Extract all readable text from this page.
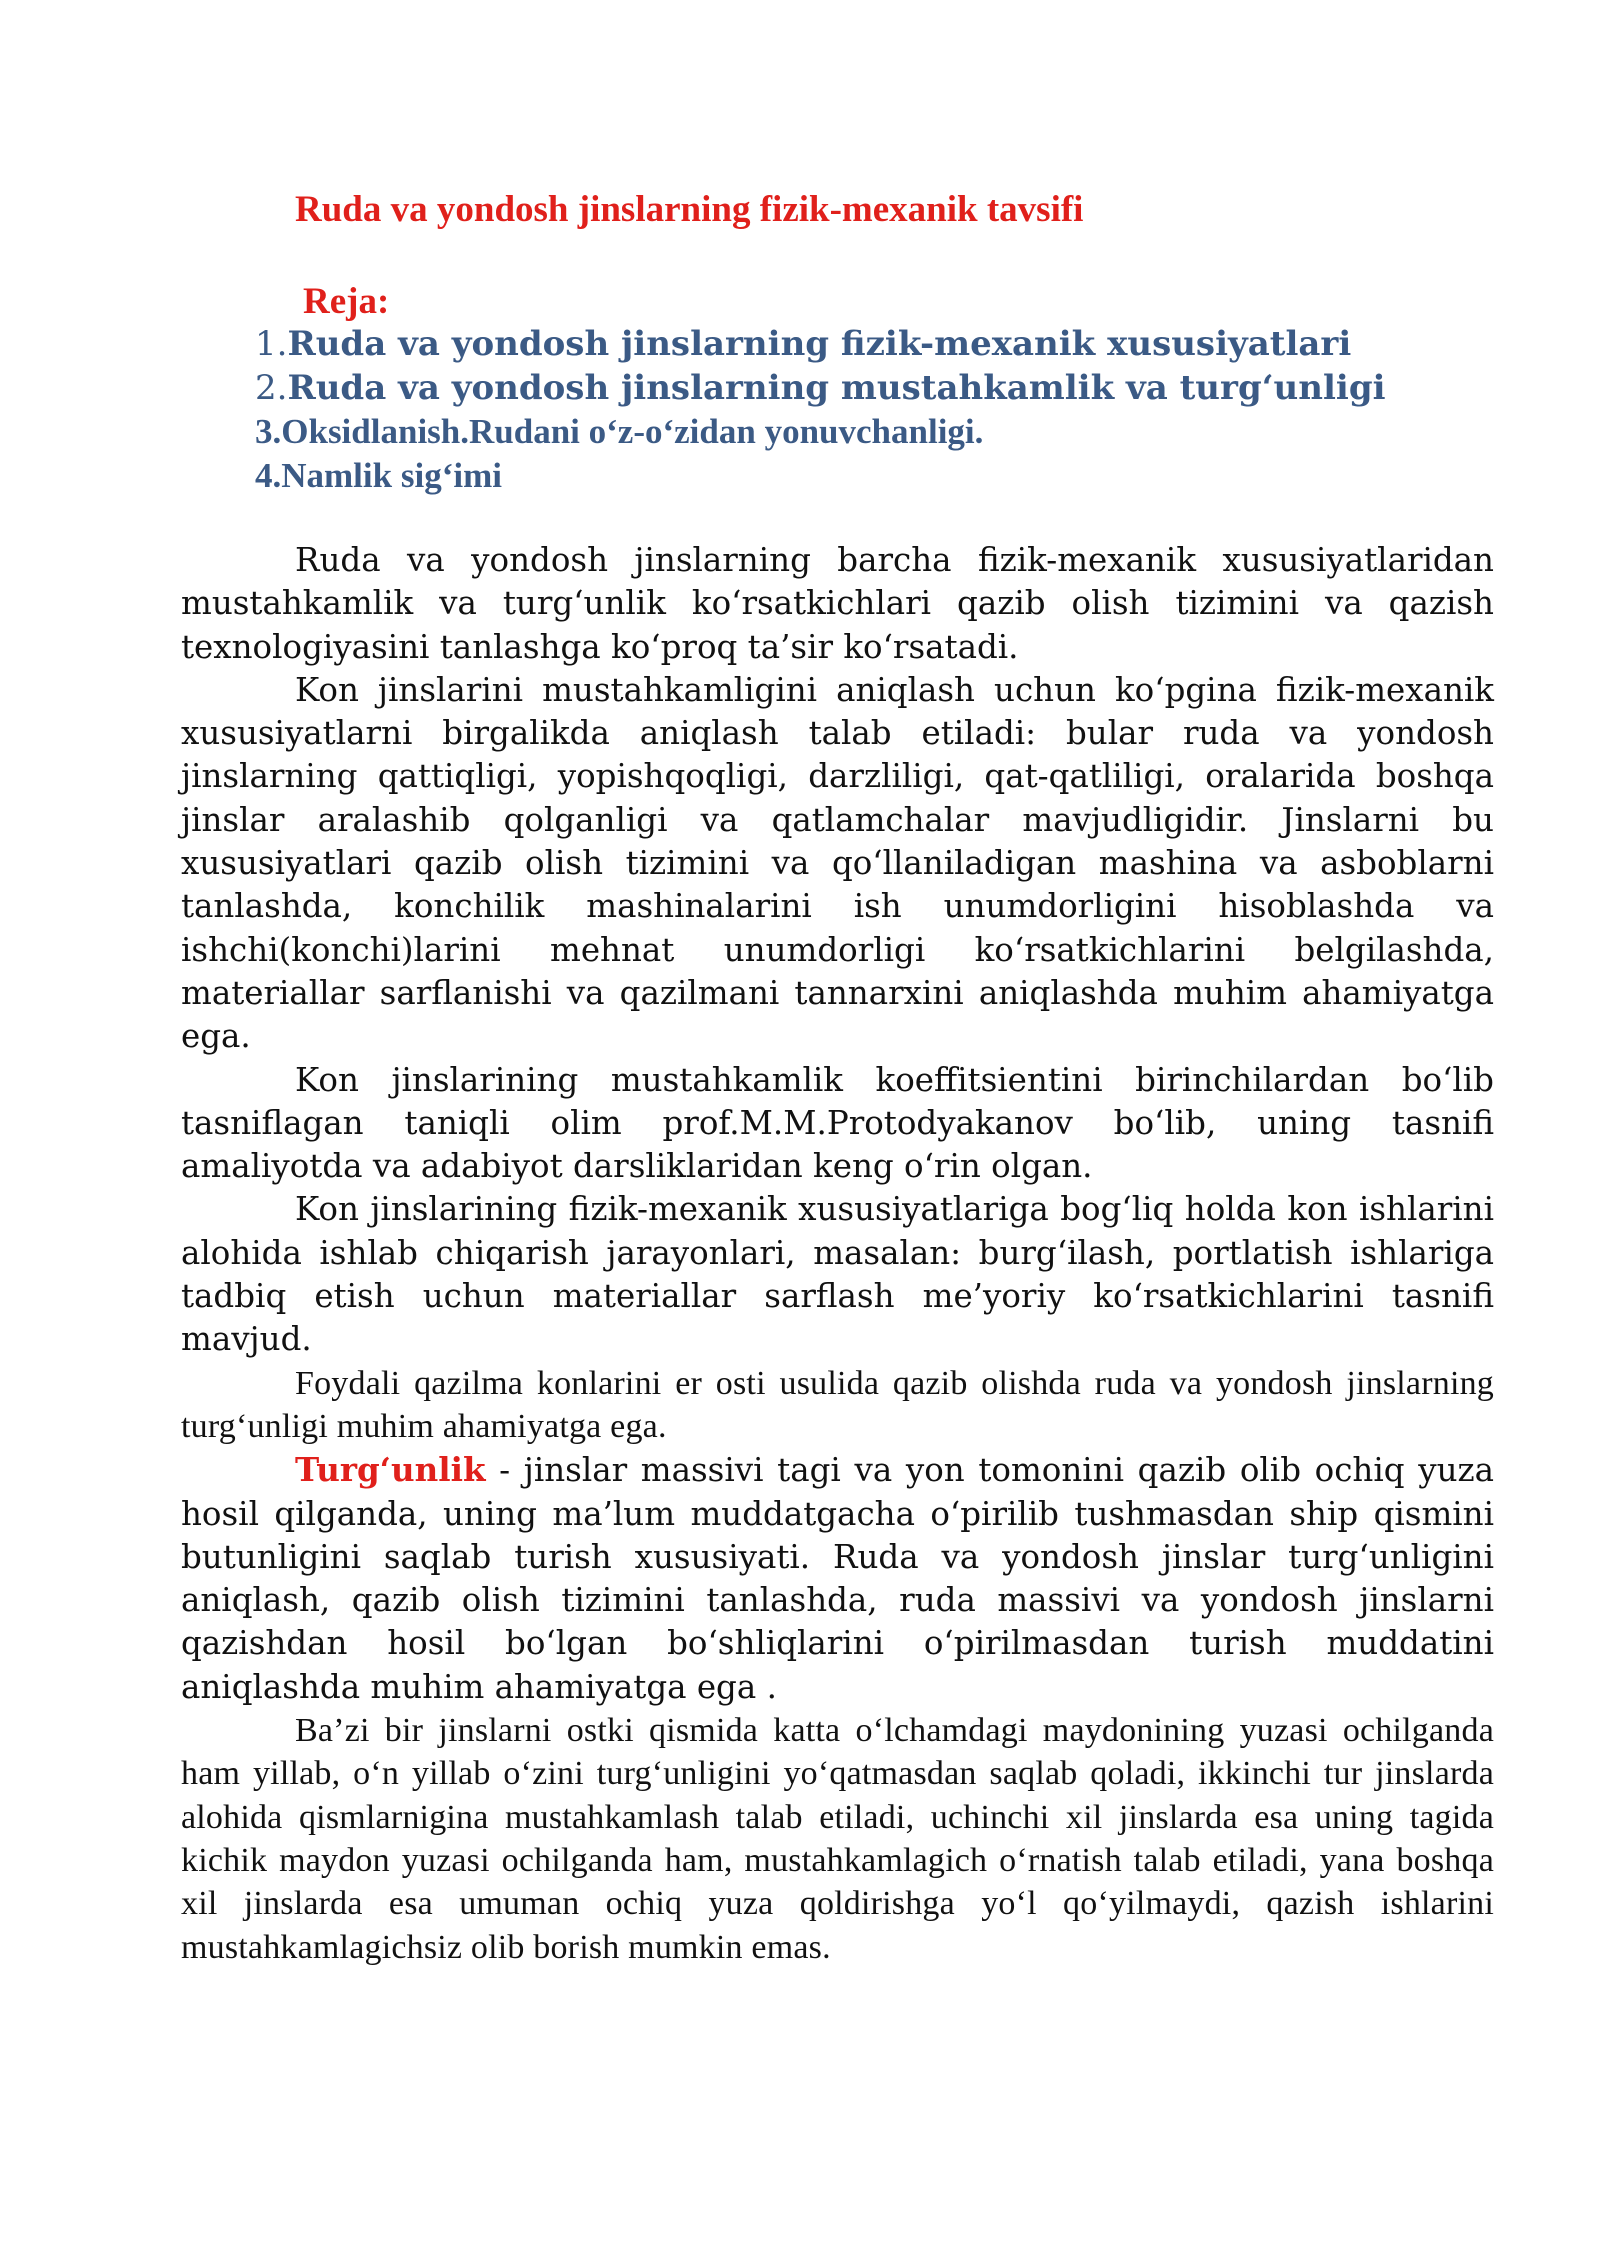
Ruda va yondosh jinslarning fizik-mexanik tavsifi
Reja:
1.Ruda va yondosh jinslarning fizik-mexanik xususiyatlari
2.Ruda va yondosh jinslarning mustahkamlik va turg‘unligi
3.Oksidlanish.Rudani o‘z-o‘zidan yonuvchanligi.
4.Namlik sig‘imi

Ruda va yondosh jinslarning barcha fizik-mexanik xususiyatlaridan mustahkamlik va turg‘unlik ko‘rsatkichlari qazib olish tizimini va qazish texnologiyasini tanlashga ko‘proq ta’sir ko‘rsatadi.

Kon jinslarini mustahkamligini aniqlash uchun ko‘pgina fizik-mexanik xususiyatlarni birgalikda aniqlash talab etiladi: bular ruda va yondosh jinslarning qattiqligi, yopishqoqligi, darzliligi, qat-qatliligi, oralarida boshqa jinslar aralashib qolganligi va qatlamchalar mavjudligidir. Jinslarni bu xususiyatlari qazib olish tizimini va qo‘llaniladigan mashina va asboblarni tanlashda, konchilik mashinalarini ish unumdorligini hisoblashda va ishchi(konchi)larini mehnat unumdorligi ko‘rsatkichlarini belgilashda, materiallar sarflanishi va qazilmani tannarxini aniqlashda muhim ahamiyatga ega.

Kon jinslarining mustahkamlik koeffitsientini birinchilardan bo‘lib tasniflagan taniqli olim prof.M.M.Protodyakanov bo‘lib, uning tasnifi amaliyotda va adabiyot darsliklaridan keng o‘rin olgan.

Kon jinslarining fizik-mexanik xususiyatlariga bog‘liq holda kon ishlarini alohida ishlab chiqarish jarayonlari, masalan: burg‘ilash, portlatish ishlariga tadbiq etish uchun materiallar sarflash me’yoriy ko‘rsatkichlarini tasnifi mavjud.

Foydali qazilma konlarini er osti usulida qazib olishda ruda va yondosh jinslarning turg‘unligi muhim ahamiyatga ega.

Turg‘unlik - jinslar massivi tagi va yon tomonini qazib olib ochiq yuza hosil qilganda, uning ma’lum muddatgacha o‘pirilib tushmasdan ship qismini butunligini saqlab turish xususiyati. Ruda va yondosh jinslar turg‘unligini aniqlash, qazib olish tizimini tanlashda, ruda massivi va yondosh jinslarni qazishdan hosil bo‘lgan bo‘shliqlarini o‘pirilmasdan turish muddatini aniqlashda muhim ahamiyatga ega .

Ba’zi bir jinslarni ostki qismida katta o‘lchamdagi maydonining yuzasi ochilganda ham yillab, o‘n yillab o‘zini turg‘unligini yo‘qatmasdan saqlab qoladi, ikkinchi tur jinslarda alohida qismlarnigina mustahkamlash talab etiladi, uchinchi xil jinslarda esa uning tagida kichik maydon yuzasi ochilganda ham, mustahkamlagich o‘rnatish talab etiladi, yana boshqa xil jinslarda esa umuman ochiq yuza qoldirishga yo‘l qo‘yilmaydi, qazish ishlarini mustahkamlagichsiz olib borish mumkin emas.
